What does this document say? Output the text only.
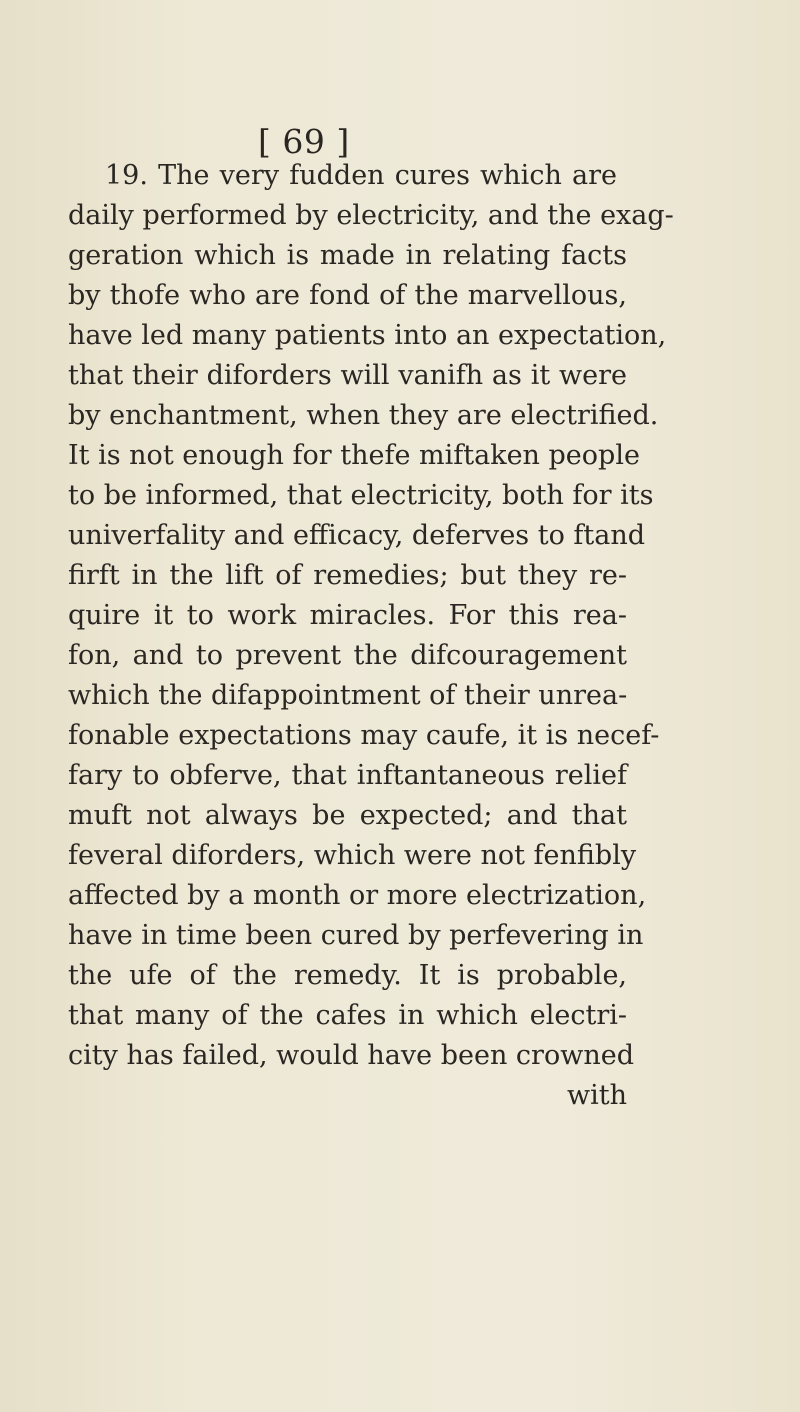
[ 69 ]
19. The very fudden cures which are
daily performed by electricity, and the exag-
geration which is made in relating facts
by thofe who are fond of the marvellous,
have led many patients into an expectation,
that their diforders will vanifh as it were
by enchantment, when they are electrified.
It is not enough for thefe miftaken people
to be informed, that electricity, both for its
univerfality and efficacy, deferves to ftand
firft in the lift of remedies; but they re-
quire it to work miracles. For this rea-
fon, and to prevent the difcouragement
which the difappointment of their unrea-
fonable expectations may caufe, it is necef-
fary to obferve, that inftantaneous relief
muft not always be expected; and that
feveral diforders, which were not fenfibly
affected by a month or more electrization,
have in time been cured by perfevering in
the ufe of the remedy. It is probable,
that many of the cafes in which electri-
city has failed, would have been crowned
with
